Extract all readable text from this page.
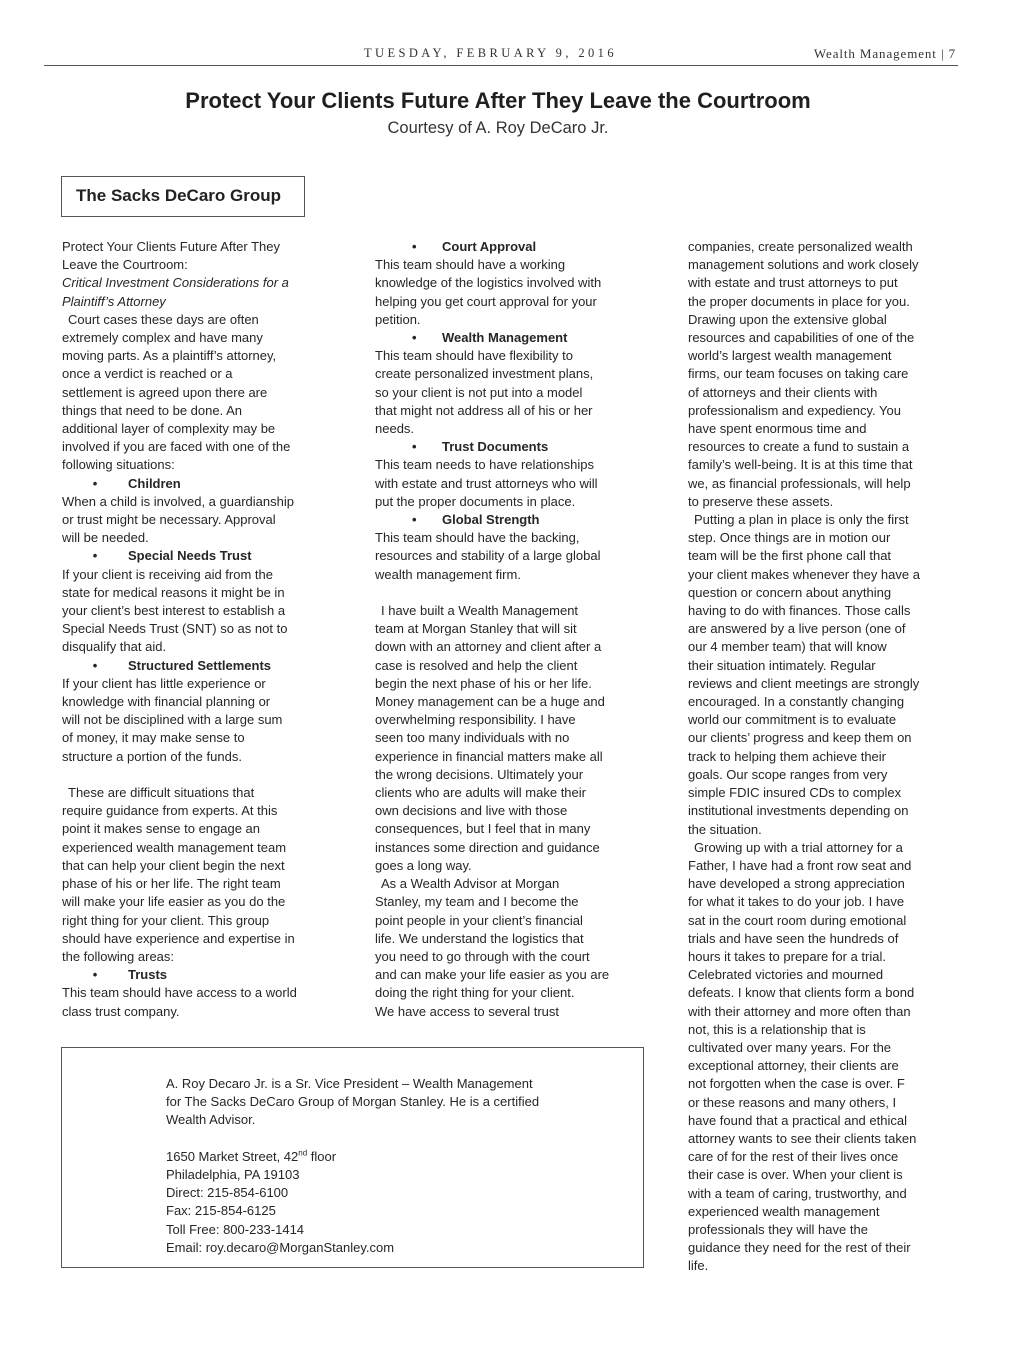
TUESDAY, FEBRUARY 9, 2016	Wealth Management | 7
Protect Your Clients Future After They Leave the Courtroom
Courtesy of A. Roy DeCaro Jr.
The Sacks DeCaro Group

Protect Your Clients Future After They

Leave the Courtroom:

Critical Investment Considerations for a

Plaintiff’s Attorney

Court cases these days are often

extremely complex and have many

moving parts. As a plaintiff’s attorney,

once a verdict is reached or a

settlement is agreed upon there are

things that need to be done. An

additional layer of complexity may be

involved if you are faced with one of the

following situations:

•	Children

When a child is involved, a guardianship

or trust might be necessary. Approval

will be needed.

•	Special Needs Trust

If your client is receiving aid from the

state for medical reasons it might be in

your client’s best interest to establish a

Special Needs Trust (SNT) so as not to

disqualify that aid.

•	Structured Settlements

If your client has little experience or

knowledge with financial planning or

will not be disciplined with a large sum

of money, it may make sense to

structure a portion of the funds.

These are difficult situations that

require guidance from experts. At this

point it makes sense to engage an

experienced wealth management team

that can help your client begin the next

phase of his or her life. The right team

will make your life easier as you do the

right thing for your client. This group

should have experience and expertise in

the following areas:

•	Trusts

This team should have access to a world

class trust company.

•	Court Approval

This team should have a working

knowledge of the logistics involved with

helping you get court approval for your

petition.

•	Wealth Management

This team should have flexibility to

create personalized investment plans,

so your client is not put into a model

that might not address all of his or her

needs.

•	Trust Documents

This team needs to have relationships

with estate and trust attorneys who will

put the proper documents in place.

•	Global Strength

This team should have the backing,

resources and stability of a large global

wealth management firm.

I have built a Wealth Management

team at Morgan Stanley that will sit

down with an attorney and client after a

case is resolved and help the client

begin the next phase of his or her life.

Money management can be a huge and

overwhelming responsibility. I have

seen too many individuals with no

experience in financial matters make all

the wrong decisions. Ultimately your

clients who are adults will make their

own decisions and live with those

consequences, but I feel that in many

instances some direction and guidance

goes a long way.

As a Wealth Advisor at Morgan

Stanley, my team and I become the

point people in your client’s financial

life. We understand the logistics that

you need to go through with the court

and can make your life easier as you are

doing the right thing for your client.

We have access to several trust

companies, create personalized wealth

management solutions and work closely

with estate and trust attorneys to put

the proper documents in place for you.

Drawing upon the extensive global

resources and capabilities of one of the

world’s largest wealth management

firms, our team focuses on taking care

of attorneys and their clients with

professionalism and expediency. You

have spent enormous time and

resources to create a fund to sustain a

family’s well-being. It is at this time that

we, as financial professionals, will help

to preserve these assets.

Putting a plan in place is only the first

step. Once things are in motion our

team will be the first phone call that

your client makes whenever they have a

question or concern about anything

having to do with finances. Those calls

are answered by a live person (one of

our 4 member team) that will know

their situation intimately. Regular

reviews and client meetings are strongly

encouraged. In a constantly changing

world our commitment is to evaluate

our clients’ progress and keep them on

track to helping them achieve their

goals. Our scope ranges from very

simple FDIC insured CDs to complex

institutional investments depending on

the situation.

Growing up with a trial attorney for a

Father, I have had a front row seat and

have developed a strong appreciation

for what it takes to do your job. I have

sat in the court room during emotional

trials and have seen the hundreds of

hours it takes to prepare for a trial.

Celebrated victories and mourned

defeats. I know that clients form a bond

with their attorney and more often than

not, this is a relationship that is

cultivated over many years. For the

exceptional attorney, their clients are

not forgotten when the case is over. F

or these reasons and many others, I

have found that a practical and ethical

attorney wants to see their clients taken

care of for the rest of their lives once

their case is over. When your client is

with a team of caring, trustworthy, and

experienced wealth management

professionals they will have the

guidance they need for the rest of their

life.

A. Roy Decaro Jr. is a Sr. Vice President – Wealth Management

for The Sacks DeCaro Group of Morgan Stanley. He is a certified

Wealth Advisor.

1650 Market Street, 42nd floor

Philadelphia, PA 19103

Direct: 215-854-6100

Fax: 215-854-6125

Toll Free: 800-233-1414

Email: roy.decaro@MorganStanley.com
